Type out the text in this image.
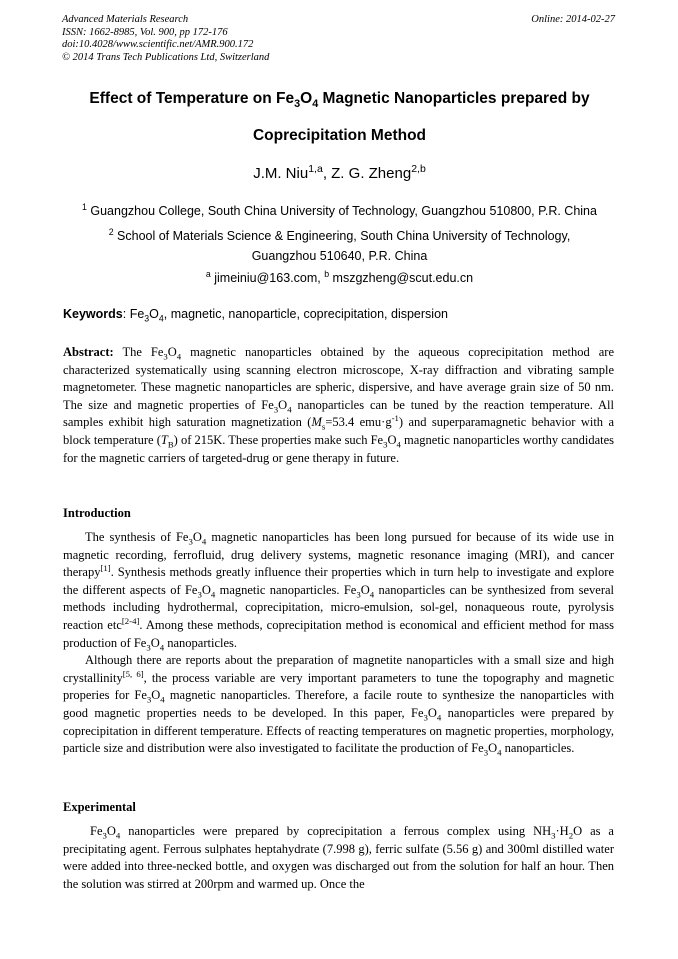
Advanced Materials Research
ISSN: 1662-8985, Vol. 900, pp 172-176
doi:10.4028/www.scientific.net/AMR.900.172
© 2014 Trans Tech Publications Ltd, Switzerland
Online: 2014-02-27
Effect of Temperature on $Fe_3O_4$ Magnetic Nanoparticles prepared by
Coprecipitation Method
J.M. Niu$^{1,a}$, Z. G. Zheng$^{2,b}$
$^1$ Guangzhou College, South China University of Technology, Guangzhou 510800, P.R. China
$^2$ School of Materials Science & Engineering, South China University of Technology, Guangzhou 510640, P.R. China
$^a$ jimeiniu@163.com, $^b$ mszgzheng@scut.edu.cn
Keywords: $Fe_3O_4$, magnetic, nanoparticle, coprecipitation, dispersion

Abstract: The $Fe_3O_4$ magnetic nanoparticles obtained by the aqueous coprecipitation method are characterized systematically using scanning electron microscope, X-ray diffraction and vibrating sample magnetometer. These magnetic nanoparticles are spheric, dispersive, and have average grain size of 50 nm. The size and magnetic properties of $Fe_3O_4$ nanoparticles can be tuned by the reaction temperature. All samples exhibit high saturation magnetization ($M_s=53.4$ $emu\cdot g^{-1}$) and superparamagnetic behavior with a block temperature $(T_B)$ of 215K. These properties make such $Fe_3O_4$ magnetic nanoparticles worthy candidates for the magnetic carriers of targeted-drug or gene therapy in future.

Introduction

The synthesis of $Fe_3O_4$ magnetic nanoparticles has been long pursued for because of its wide use in magnetic recording, ferrofluid, drug delivery systems, magnetic resonance imaging (MRI), and cancer therapy[1]. Synthesis methods greatly influence their properties which in turn help to investigate and explore the different aspects of $Fe_3O_4$ magnetic nanoparticles. $Fe_3O_4$ nanoparticles can be synthesized from several methods including hydrothermal, coprecipitation, micro-emulsion, sol-gel, nonaqueous route, pyrolysis reaction etc[2-4]. Among these methods, coprecipitation method is economical and efficient method for mass production of $Fe_3O_4$ nanoparticles.

Although there are reports about the preparation of magnetite nanoparticles with a small size and high crystallinity[5, 6], the process variable are very important parameters to tune the topography and magnetic properies for $Fe_3O_4$ magnetic nanoparticles. Therefore, a facile route to synthesize the nanoparticles with good magnetic properties needs to be developed. In this paper, $Fe_3O_4$ nanoparticles were prepared by coprecipitation in different temperature. Effects of reacting temperatures on magnetic properties, morphology, particle size and distribution were also investigated to facilitate the production of $Fe_3O_4$ nanoparticles.

Experimental

$Fe_3O_4$ nanoparticles were prepared by coprecipitation a ferrous complex using $NH_3\cdot H_2O$ as a precipitating agent. Ferrous sulphates heptahydrate (7.998 g), ferric sulfate (5.56 g) and 300ml distilled water were added into three-necked bottle, and oxygen was discharged out from the solution for half an hour. Then the solution was stirred at 200rpm and warmed up. Once the
